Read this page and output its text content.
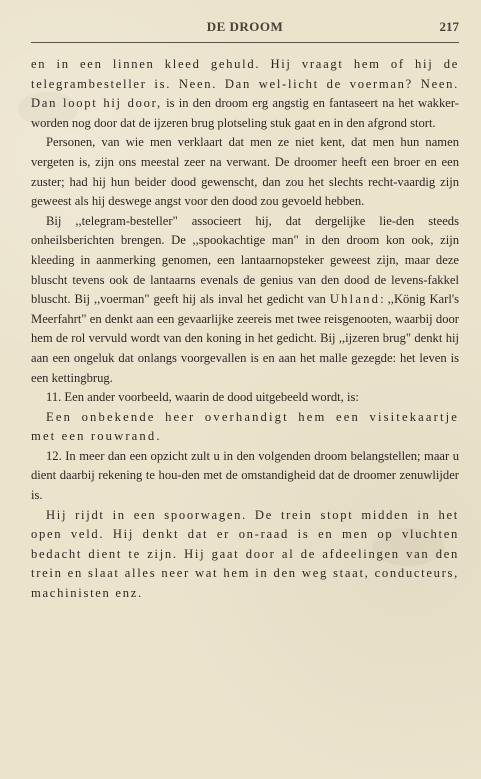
DE DROOM	217

en in een linnen kleed gehuld. Hij vraagt hem of hij de telegrambesteller is. Neen. Dan wel-licht de voerman? Neen. Dan loopt hij door, is in den droom erg angstig en fantaseert na het wakker-worden nog door dat de ijzeren brug plotseling stuk gaat en in den afgrond stort.

Personen, van wie men verklaart dat men ze niet kent, dat men hun namen vergeten is, zijn ons meestal zeer na verwant. De droomer heeft een broer en een zuster; had hij hun beider dood gewenscht, dan zou het slechts recht-vaardig zijn geweest als hij deswege angst voor den dood zou gevoeld hebben.

Bij ,,telegram-besteller" associeert hij, dat dergelijke lie-den steeds onheilsberichten brengen. De ,,spookachtige man" in den droom kon ook, zijn kleeding in aanmerking genomen, een lantaarnopsteker geweest zijn, maar deze bluscht tevens ook de lantaarns evenals de genius van den dood de levens-fakkel bluscht. Bij ,,voerman" geeft hij als inval het gedicht van Uhland: ,,König Karl's Meerfahrt" en denkt aan een gevaarlijke zeereis met twee reisgenooten, waarbij door hem de rol vervuld wordt van den koning in het gedicht. Bij ,,ijzeren brug" denkt hij aan een ongeluk dat onlangs voorgevallen is en aan het malle gezegde: het leven is een kettingbrug.

11. Een ander voorbeeld, waarin de dood uitgebeeld wordt, is:

Een onbekende heer overhandigt hem een visitekaartje met een rouwrand.

12. In meer dan een opzicht zult u in den volgenden droom belangstellen; maar u dient daarbij rekening te hou-den met de omstandigheid dat de droomer zenuwlijder is.

Hij rijdt in een spoorwagen. De trein stopt midden in het open veld. Hij denkt dat er on-raad is en men op vluchten bedacht dient te zijn. Hij gaat door al de afdeelingen van den trein en slaat alles neer wat hem in den weg staat, conducteurs, machinisten enz.
